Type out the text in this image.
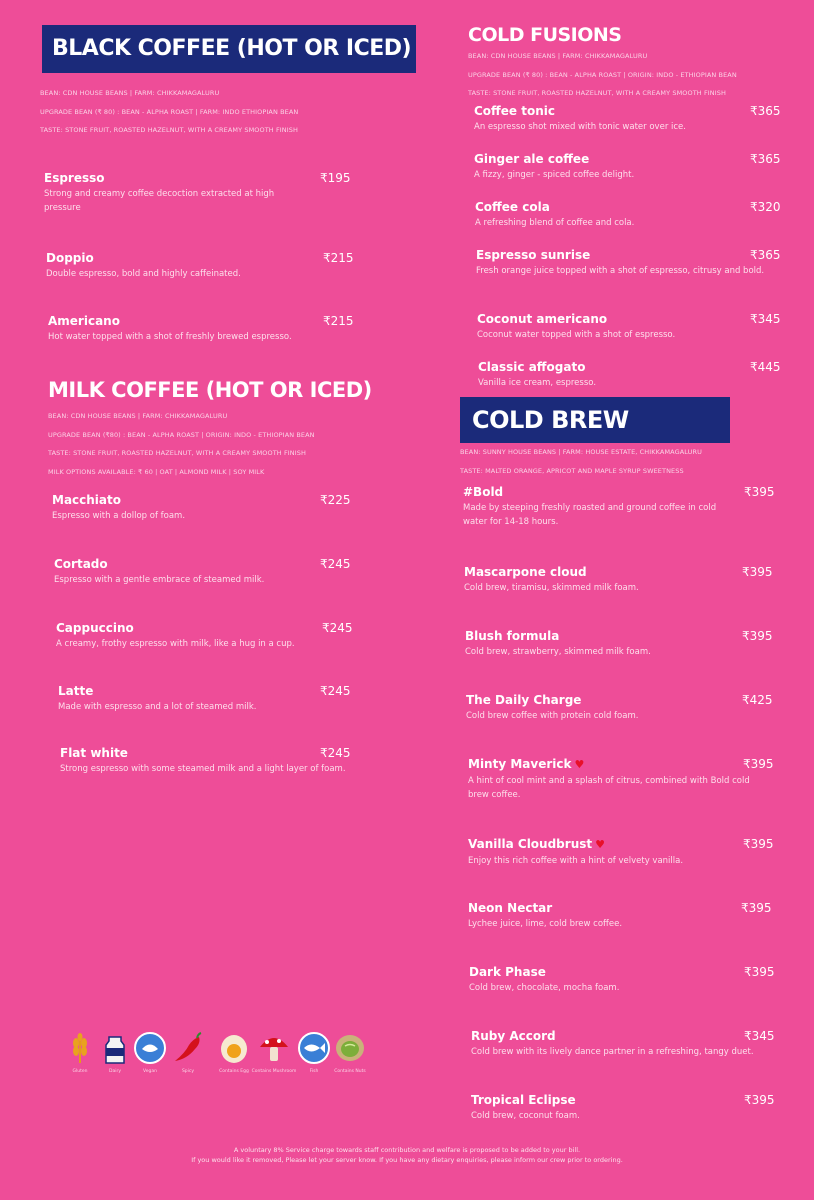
BLACK COFFEE (HOT OR ICED)
BEAN: CDN HOUSE BEANS | FARM: CHIKKAMAGALURU
UPGRADE BEAN (₹ 80) : BEAN - ALPHA ROAST | FARM: INDO ETHIOPIAN BEAN
TASTE: STONE FRUIT, ROASTED HAZELNUT, WITH A CREAMY SMOOTH FINISH
Espresso	₹195
Strong and creamy coffee decoction extracted at high pressure
Doppio	₹215
Double espresso, bold and highly caffeinated.
Americano	₹215
Hot water topped with a shot of freshly brewed espresso.
MILK COFFEE (HOT OR ICED)
BEAN: CDN HOUSE BEANS | FARM: CHIKKAMAGALURU
UPGRADE BEAN (₹80) : BEAN - ALPHA ROAST | ORIGIN: INDO - ETHIOPIAN BEAN
TASTE: STONE FRUIT, ROASTED HAZELNUT, WITH A CREAMY SMOOTH FINISH
MILK OPTIONS AVAILABLE: ₹ 60 | OAT | ALMOND MILK | SOY MILK
Macchiato	₹225
Espresso with a dollop of foam.
Cortado	₹245
Espresso with a gentle embrace of steamed milk.
Cappuccino	₹245
A creamy, frothy espresso with milk, like a hug in a cup.
Latte	₹245
Made with espresso and a lot of steamed milk.
Flat white	₹245
Strong espresso with some steamed milk and a light layer of foam.
COLD FUSIONS
BEAN: CDN HOUSE BEANS | FARM: CHIKKAMAGALURU
UPGRADE BEAN (₹ 80) : BEAN - ALPHA ROAST | ORIGIN: INDO - ETHIOPIAN BEAN
TASTE: STONE FRUIT, ROASTED HAZELNUT, WITH A CREAMY SMOOTH FINISH
Coffee tonic	₹365
An espresso shot mixed with tonic water over ice.
Ginger ale coffee	₹365
A fizzy, ginger - spiced coffee delight.
Coffee cola	₹320
A refreshing blend of coffee and cola.
Espresso sunrise	₹365
Fresh orange juice topped with a shot of espresso, citrusy and bold.
Coconut americano	₹345
Coconut water topped with a shot of espresso.
Classic affogato	₹445
Vanilla ice cream, espresso.
COLD BREW
BEAN: SUNNY HOUSE BEANS | FARM: HOUSE ESTATE, CHIKKAMAGALURU
TASTE: MALTED ORANGE, APRICOT AND MAPLE SYRUP SWEETNESS
#Bold	₹395
Made by steeping freshly roasted and ground coffee in cold water for 14-18 hours.
Mascarpone cloud	₹395
Cold brew, tiramisu, skimmed milk foam.
Blush formula	₹395
Cold brew, strawberry, skimmed milk foam.
The Daily Charge	₹425
Cold brew coffee with protein cold foam.
Minty Maverick ♥	₹395
A hint of cool mint and a splash of citrus, combined with Bold cold brew coffee.
Vanilla Cloudbrust ♥	₹395
Enjoy this rich coffee with a hint of velvety vanilla.
Neon Nectar	₹395
Lychee juice, lime, cold brew coffee.
Dark Phase	₹395
Cold brew, chocolate, mocha foam.
Ruby Accord	₹345
Cold brew with its lively dance partner in a refreshing, tangy duet.
Tropical Eclipse	₹395
Cold brew, coconut foam.
Gluten	Dairy	Vegan	Spicy	Contains Egg Contains Mushroom	Fish	Contains Nuts
A voluntary 8% Service charge towards staff contribution and welfare is proposed to be added to your bill.
If you would like it removed, Please let your server know. If you have any dietary enquiries, please inform our crew prior to ordering.
